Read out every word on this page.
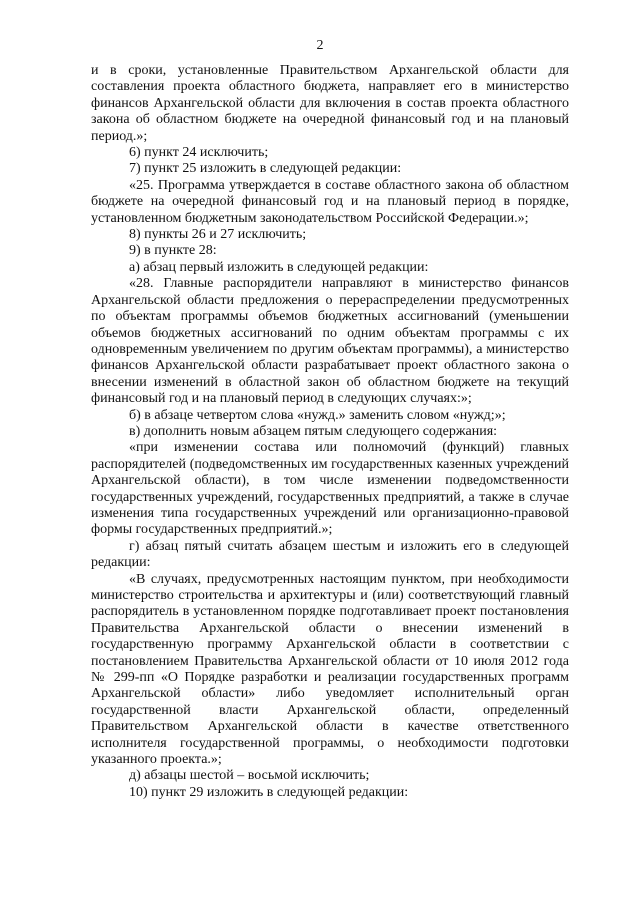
2

и в сроки, установленные Правительством Архангельской области для составления проекта областного бюджета, направляет его в министерство финансов Архангельской области для включения в состав проекта областного закона об областном бюджете на очередной финансовый год и на плановый период.»;

6) пункт 24 исключить;

7) пункт 25 изложить в следующей редакции:

«25. Программа утверждается в составе областного закона об областном бюджете на очередной финансовый год и на плановый период в порядке, установленном бюджетным законодательством Российской Федерации.»;

8) пункты 26 и 27 исключить;

9) в пункте 28:

а) абзац первый изложить в следующей редакции:

«28. Главные распорядители направляют в министерство финансов Архангельской области предложения о перераспределении предусмотренных по объектам программы объемов бюджетных ассигнований (уменьшении объемов бюджетных ассигнований по одним объектам программы с их одновременным увеличением по другим объектам программы), а министерство финансов Архангельской области разрабатывает проект областного закона о внесении изменений в областной закон об областном бюджете на текущий финансовый год и на плановый период в следующих случаях:»;

б) в абзаце четвертом слова «нужд.» заменить словом «нужд;»;

в) дополнить новым абзацем пятым следующего содержания:

«при изменении состава или полномочий (функций) главных распорядителей (подведомственных им государственных казенных учреждений Архангельской области), в том числе изменении подведомственности государственных учреждений, государственных предприятий, а также в случае изменения типа государственных учреждений или организационно-правовой формы государственных предприятий.»;

г) абзац пятый считать абзацем шестым и изложить его в следующей редакции:

«В случаях, предусмотренных настоящим пунктом, при необходимости министерство строительства и архитектуры и (или) соответствующий главный распорядитель в установленном порядке подготавливает проект постановления Правительства Архангельской области о внесении изменений в государственную программу Архангельской области в соответствии с постановлением Правительства Архангельской области от 10 июля 2012 года № 299-пп «О Порядке разработки и реализации государственных программ Архангельской области» либо уведомляет исполнительный орган государственной власти Архангельской области, определенный Правительством Архангельской области в качестве ответственного исполнителя государственной программы, о необходимости подготовки указанного проекта.»;

д) абзацы шестой – восьмой исключить;

10) пункт 29 изложить в следующей редакции:
